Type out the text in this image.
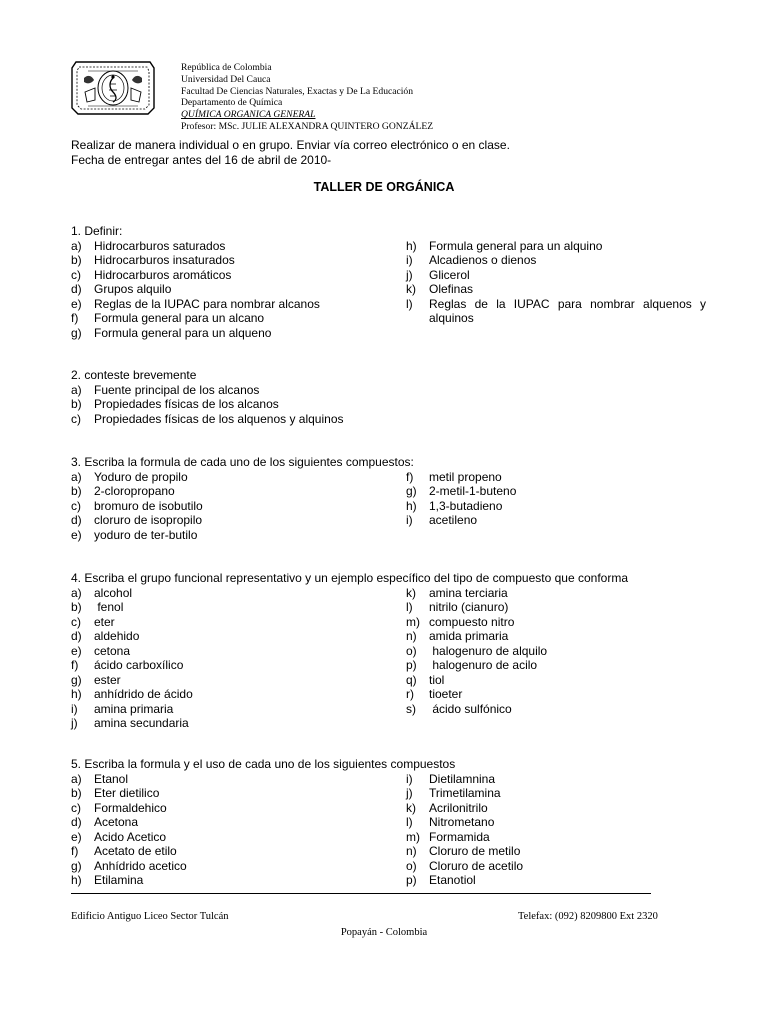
República de Colombia
Universidad Del Cauca
Facultad De Ciencias Naturales, Exactas y De La Educación
Departamento de Química
QUÍMICA ORGANICA GENERAL
Profesor: MSc. JULIE ALEXANDRA QUINTERO GONZÁLEZ
Realizar de manera individual o en grupo. Enviar vía correo electrónico o en clase.
Fecha de entregar antes del 16 de abril de 2010-
TALLER DE ORGÁNICA
1. Definir:
a)	Hidrocarburos saturados
b)	Hidrocarburos insaturados
c)	Hidrocarburos aromáticos
d)	Grupos alquilo
e)	Reglas de la IUPAC para nombrar alcanos
f)	Formula general para un alcano
g)	Formula general para un alqueno
h)	Formula general para un alquino
i)	Alcadienos o dienos
j)	Glicerol
k)	Olefinas
l)	Reglas de la IUPAC para nombrar alquenos y alquinos
2. conteste brevemente
a)	Fuente principal de los alcanos
b)	Propiedades físicas de los alcanos
c)	Propiedades físicas de los alquenos y alquinos
3. Escriba la formula de cada uno de los siguientes compuestos:
a)	Yoduro de propilo
b)	2-cloropropano
c)	bromuro de isobutilo
d)	cloruro de isopropilo
e)	yoduro de ter-butilo
f)	metil propeno
g)	2-metil-1-buteno
h)	1,3-butadieno
i)	acetileno
4. Escriba el grupo funcional representativo y un ejemplo específico del tipo de compuesto que conforma
a)	alcohol
b)	fenol
c)	eter
d)	aldehido
e)	cetona
f)	ácido carboxílico
g)	ester
h)	anhídrido de ácido
i)	amina primaria
j)	amina secundaria
k)	amina terciaria
l)	nitrilo (cianuro)
m) compuesto nitro
n)	amida primaria
o)	halogenuro de alquilo
p)	halogenuro de acilo
q)	tiol
r)	tioeter
s)	ácido sulfónico
5. Escriba la formula y el uso de cada uno de los siguientes compuestos
a)	Etanol
b)	Eter dietilico
c)	Formaldehico
d)	Acetona
e)	Acido Acetico
f)	Acetato de etilo
g)	Anhídrido acetico
h)	Etilamina
i)	Dietilamnina
j)	Trimetilamina
k)	Acrilonitrilo
l)	Nitrometano
m) Formamida
n)	Cloruro de metilo
o)	Cloruro de acetilo
p)	Etanotiol
Edificio Antiguo Liceo Sector Tulcán	Telefax: (092) 8209800 Ext 2320
Popayán - Colombia
